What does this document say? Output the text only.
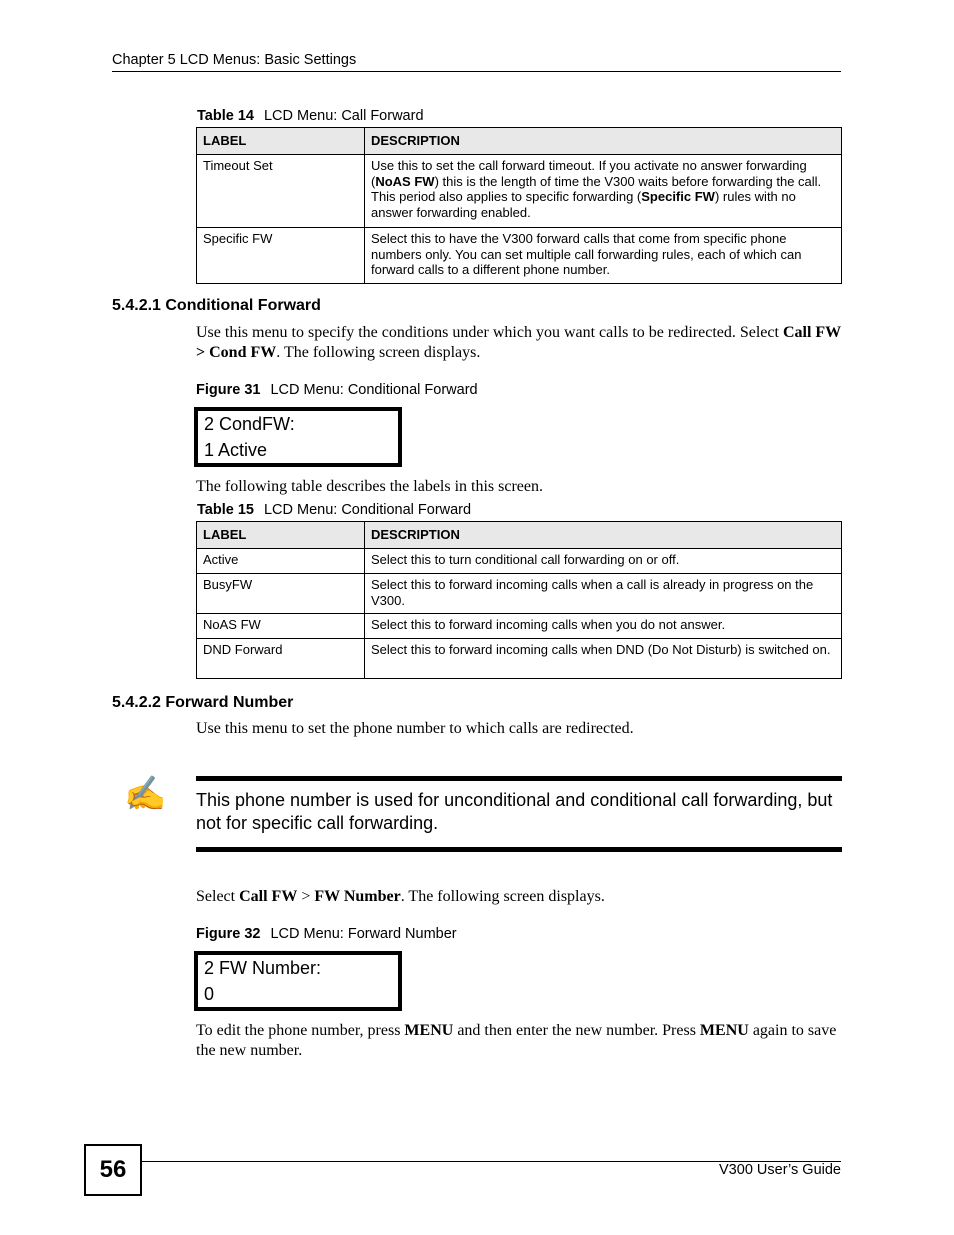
Chapter 5 LCD Menus: Basic Settings
Table 14 LCD Menu: Call Forward
LABEL	DESCRIPTION
Timeout Set	Use this to set the call forward timeout. If you activate no answer forwarding (NoAS FW) this is the length of time the V300 waits before forwarding the call. This period also applies to specific forwarding (Specific FW) rules with no answer forwarding enabled.
Specific FW	Select this to have the V300 forward calls that come from specific phone numbers only. You can set multiple call forwarding rules, each of which can forward calls to a different phone number.
5.4.2.1 Conditional Forward
Use this menu to specify the conditions under which you want calls to be redirected. Select Call FW > Cond FW. The following screen displays.
Figure 31 LCD Menu: Conditional Forward
2 CondFW:
1 Active
The following table describes the labels in this screen.
Table 15 LCD Menu: Conditional Forward
LABEL	DESCRIPTION
Active	Select this to turn conditional call forwarding on or off.
BusyFW	Select this to forward incoming calls when a call is already in progress on the V300.
NoAS FW	Select this to forward incoming calls when you do not answer.
DND Forward	Select this to forward incoming calls when DND (Do Not Disturb) is switched on.
5.4.2.2 Forward Number
Use this menu to set the phone number to which calls are redirected.
✍ This phone number is used for unconditional and conditional call forwarding, but not for specific call forwarding.
Select Call FW > FW Number. The following screen displays.
Figure 32 LCD Menu: Forward Number
2 FW Number:
0
To edit the phone number, press MENU and then enter the new number. Press MENU again to save the new number.
56	V300 User’s Guide
